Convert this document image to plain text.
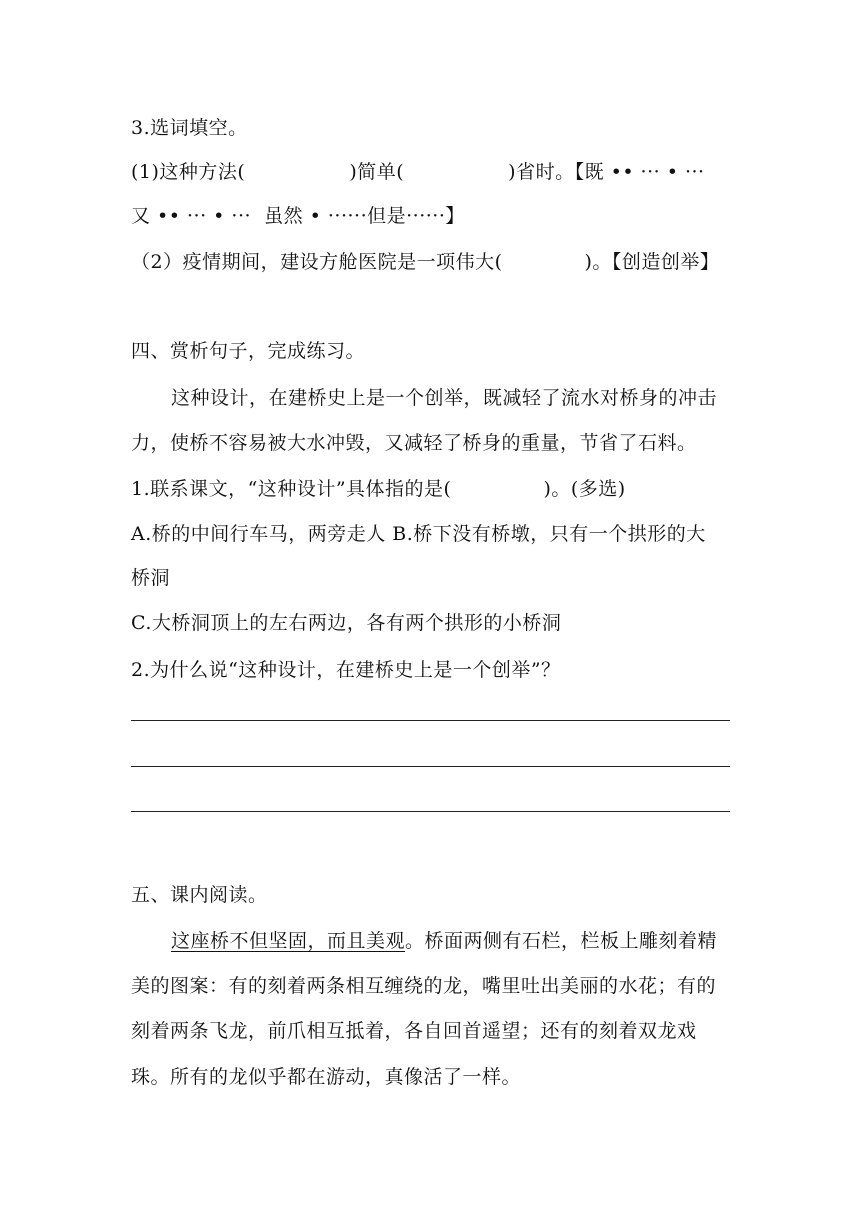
3.选词填空。
(1)这种方法(	)简单(	)省时。【既 •• ··· • ···
又 •• ··· • ···  虽然 • ······但是······】
（2）疫情期间，建设方舱医院是一项伟大(	)。【创造创举】
四、赏析句子，完成练习。
这种设计，在建桥史上是一个创举，既减轻了流水对桥身的冲击
力，使桥不容易被大水冲毁，又减轻了桥身的重量，节省了石料。
1.联系课文，“这种设计”具体指的是(	)。(多选)
A.桥的中间行车马，两旁走人 B.桥下没有桥墩，只有一个拱形的大
桥洞
C.大桥洞顶上的左右两边，各有两个拱形的小桥洞
2.为什么说“这种设计，在建桥史上是一个创举”？
五、课内阅读。
这座桥不但坚固，而且美观。桥面两侧有石栏，栏板上雕刻着精
美的图案：有的刻着两条相互缠绕的龙，嘴里吐出美丽的水花；有的
刻着两条飞龙，前爪相互抵着，各自回首遥望；还有的刻着双龙戏
珠。所有的龙似乎都在游动，真像活了一样。
